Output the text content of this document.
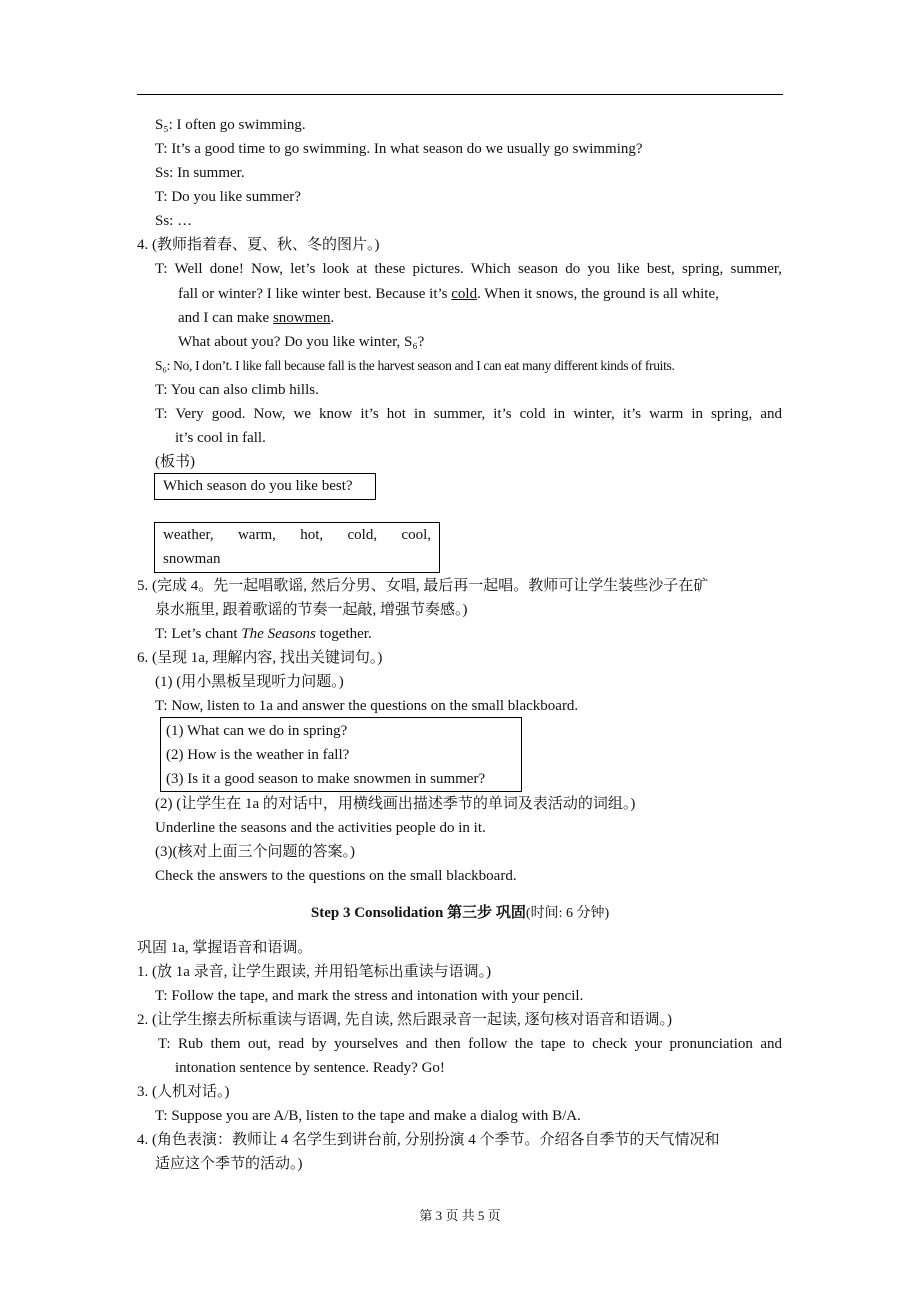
S₅: I often go swimming.
T: It’s a good time to go swimming. In what season do we usually go swimming?
Ss: In summer.
T: Do you like summer?
Ss: …
4. (教师指着春、夏、秋、冬的图片。)
T: Well done! Now, let’s look at these pictures. Which season do you like best, spring, summer,
fall or winter? I like winter best. Because it’s cold. When it snows, the ground is all white,
and I can make snowmen.
What about you? Do you like winter, S₆?
S₆: No, I don’t. I like fall because fall is the harvest season and I can eat many different kinds of fruits.
T: You can also climb hills.
T: Very good. Now, we know it’s hot in summer, it’s cold in winter, it’s warm in spring, and
it’s cool in fall.
(板书)
Which season do you like best?
weather, warm, hot, cold, cool,
snowman
5. (完成 4。先一起唱歌谣, 然后分男、女唱, 最后再一起唱。教师可让学生装些沙子在矿
泉水瓶里, 跟着歌谣的节奏一起敲, 增强节奏感。)
T: Let’s chant The Seasons together.
6. (呈现 1a, 理解内容, 找出关键词句。)
(1) (用小黑板呈现听力问题。)
T: Now, listen to 1a and answer the questions on the small blackboard.
(1) What can we do in spring?
(2) How is the weather in fall?
(3) Is it a good season to make snowmen in summer?
(2) (让学生在 1a 的对话中，用横线画出描述季节的单词及表活动的词组。)
Underline the seasons and the activities people do in it.
(3)(核对上面三个问题的答案。)
Check the answers to the questions on the small blackboard.
Step 3 Consolidation 第三步 巩固(时间: 6 分钟)
巩固 1a, 掌握语音和语调。
1. (放 1a 录音, 让学生跟读, 并用铅笔标出重读与语调。)
T: Follow the tape, and mark the stress and intonation with your pencil.
2. (让学生擦去所标重读与语调, 先自读, 然后跟录音一起读, 逐句核对语音和语调。)
T: Rub them out, read by yourselves and then follow the tape to check your pronunciation and
intonation sentence by sentence. Ready? Go!
3. (人机对话。)
T: Suppose you are A/B, listen to the tape and make a dialog with B/A.
4. (角色表演：教师让 4 名学生到讲台前, 分别扮演 4 个季节。介绍各自季节的天气情况和
适应这个季节的活动。)
第 3 页 共 5 页
